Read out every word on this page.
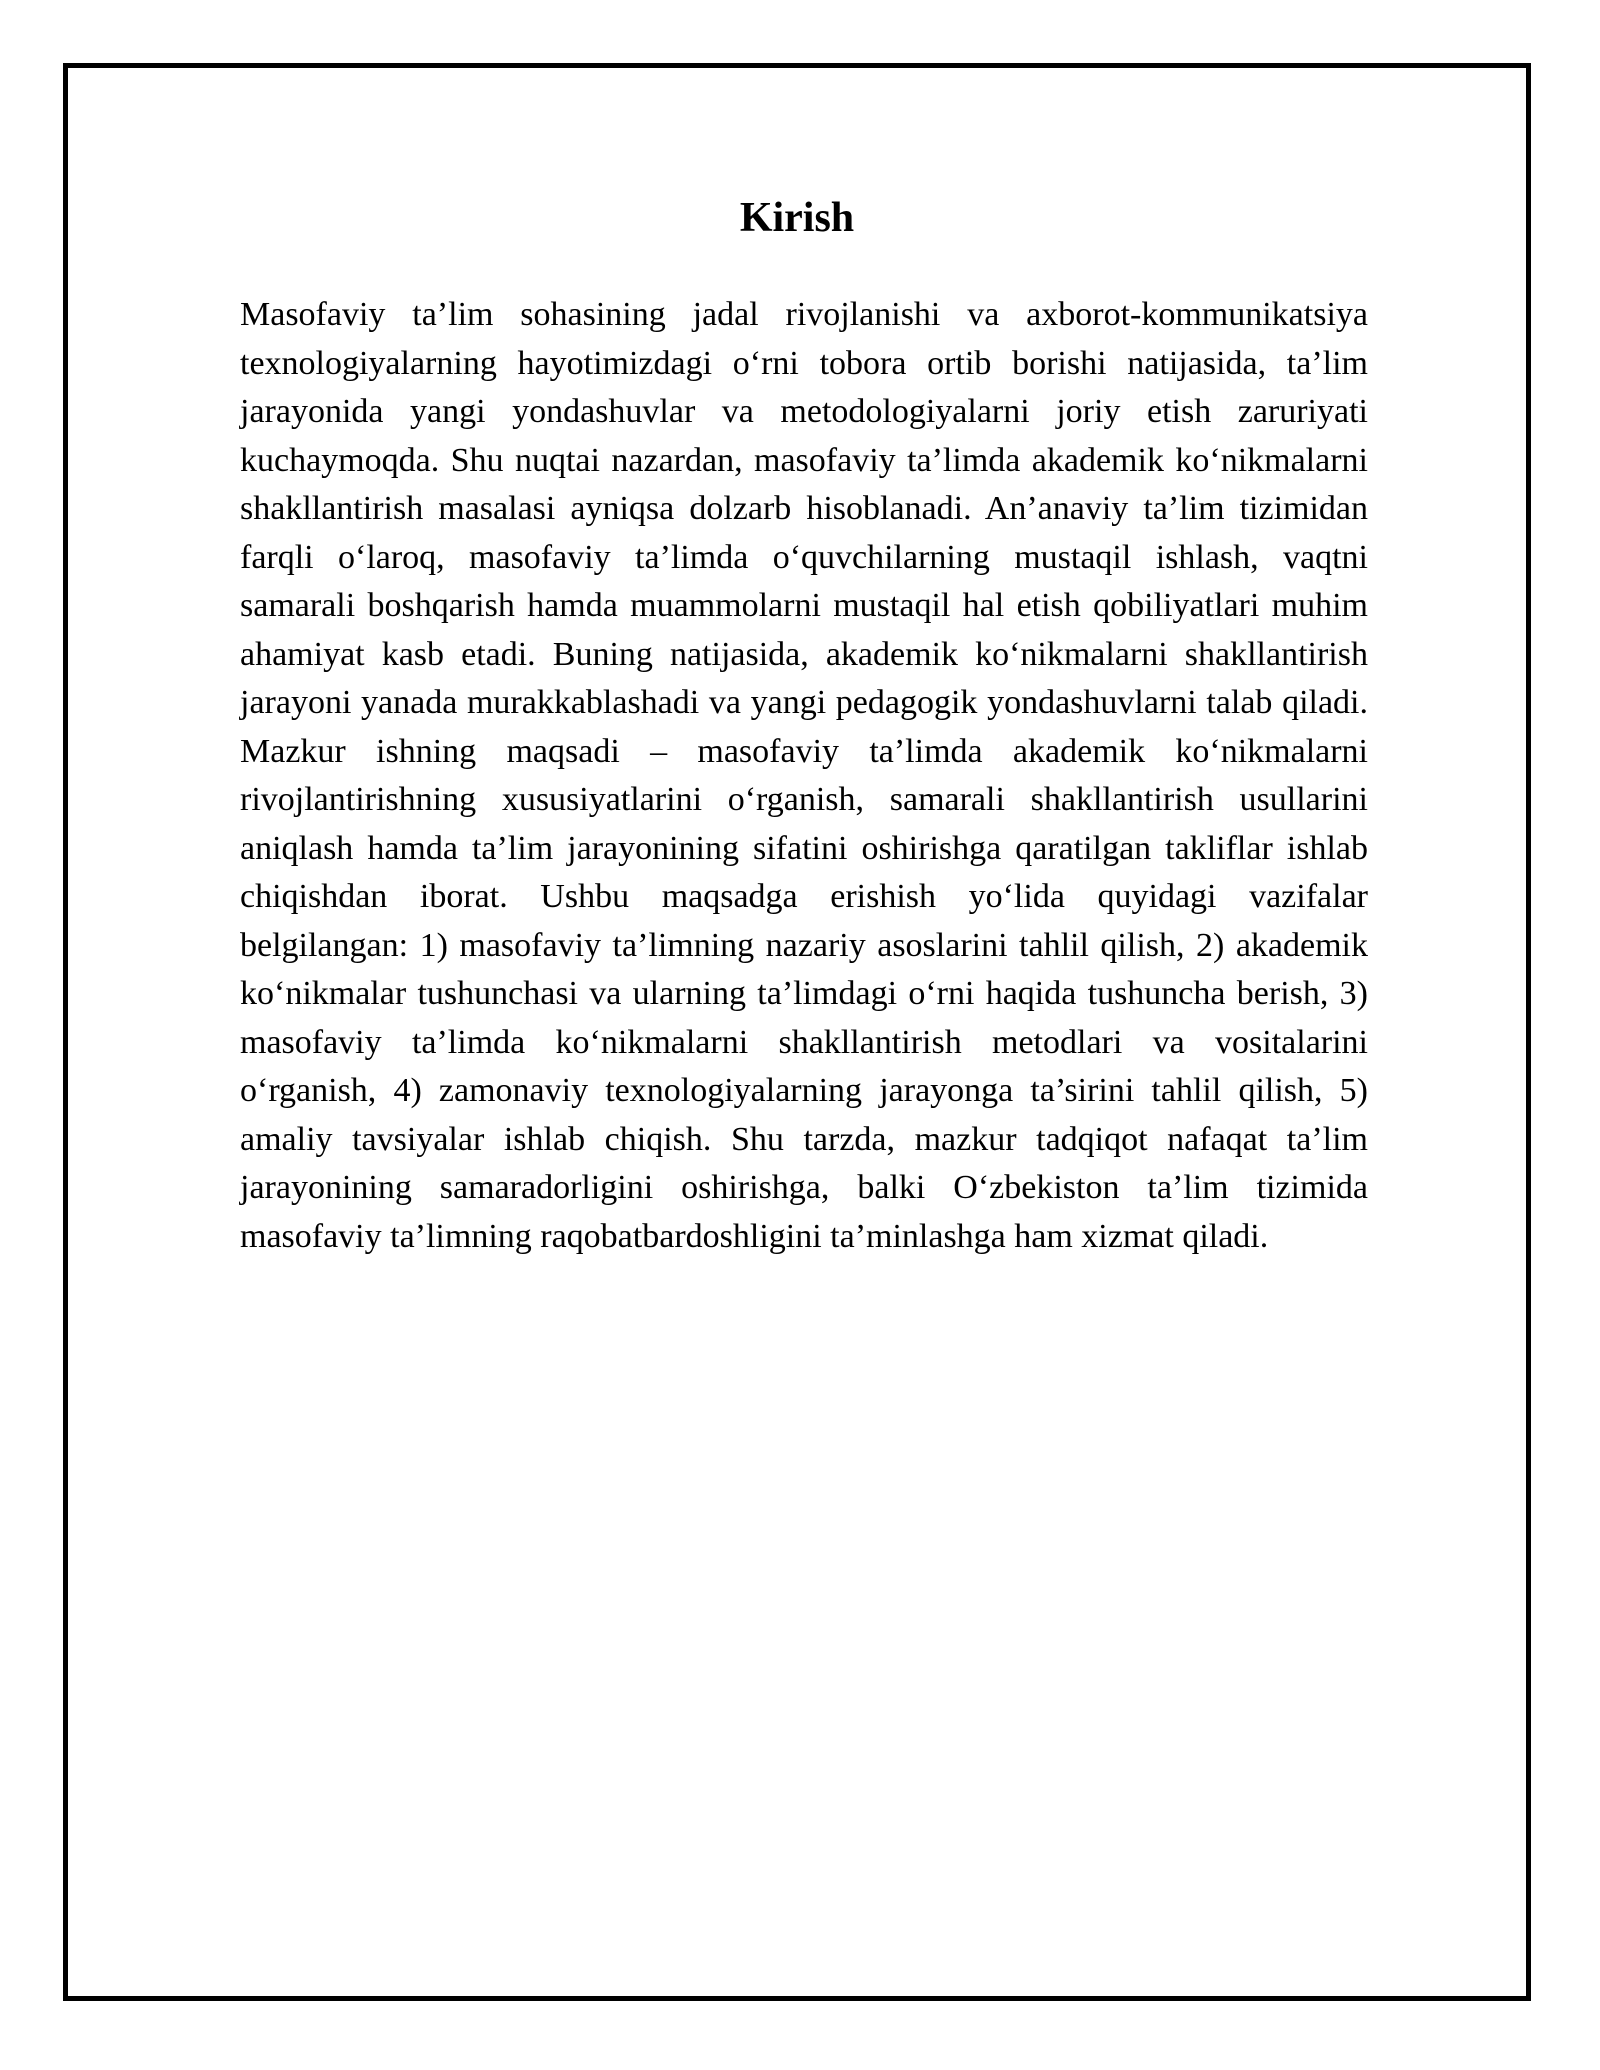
Kirish

Masofaviy ta’lim sohasining jadal rivojlanishi va axborot-kommunikatsiya texnologiyalarning hayotimizdagi o‘rni tobora ortib borishi natijasida, ta’lim jarayonida yangi yondashuvlar va metodologiyalarni joriy etish zaruriyati kuchaymoqda. Shu nuqtai nazardan, masofaviy ta’limda akademik ko‘nikmalarni shakllantirish masalasi ayniqsa dolzarb hisoblanadi. An’anaviy ta’lim tizimidan farqli o‘laroq, masofaviy ta’limda o‘quvchilarning mustaqil ishlash, vaqtni samarali boshqarish hamda muammolarni mustaqil hal etish qobiliyatlari muhim ahamiyat kasb etadi. Buning natijasida, akademik ko‘nikmalarni shakllantirish jarayoni yanada murakkablashadi va yangi pedagogik yondashuvlarni talab qiladi. Mazkur ishning maqsadi – masofaviy ta’limda akademik ko‘nikmalarni rivojlantirishning xususiyatlarini o‘rganish, samarali shakllantirish usullarini aniqlash hamda ta’lim jarayonining sifatini oshirishga qaratilgan takliflar ishlab chiqishdan iborat. Ushbu maqsadga erishish yo‘lida quyidagi vazifalar belgilangan: 1) masofaviy ta’limning nazariy asoslarini tahlil qilish, 2) akademik ko‘nikmalar tushunchasi va ularning ta’limdagi o‘rni haqida tushuncha berish, 3) masofaviy ta’limda ko‘nikmalarni shakllantirish metodlari va vositalarini o‘rganish, 4) zamonaviy texnologiyalarning jarayonga ta’sirini tahlil qilish, 5) amaliy tavsiyalar ishlab chiqish. Shu tarzda, mazkur tadqiqot nafaqat ta’lim jarayonining samaradorligini oshirishga, balki O‘zbekiston ta’lim tizimida masofaviy ta’limning raqobatbardoshligini ta’minlashga ham xizmat qiladi.
